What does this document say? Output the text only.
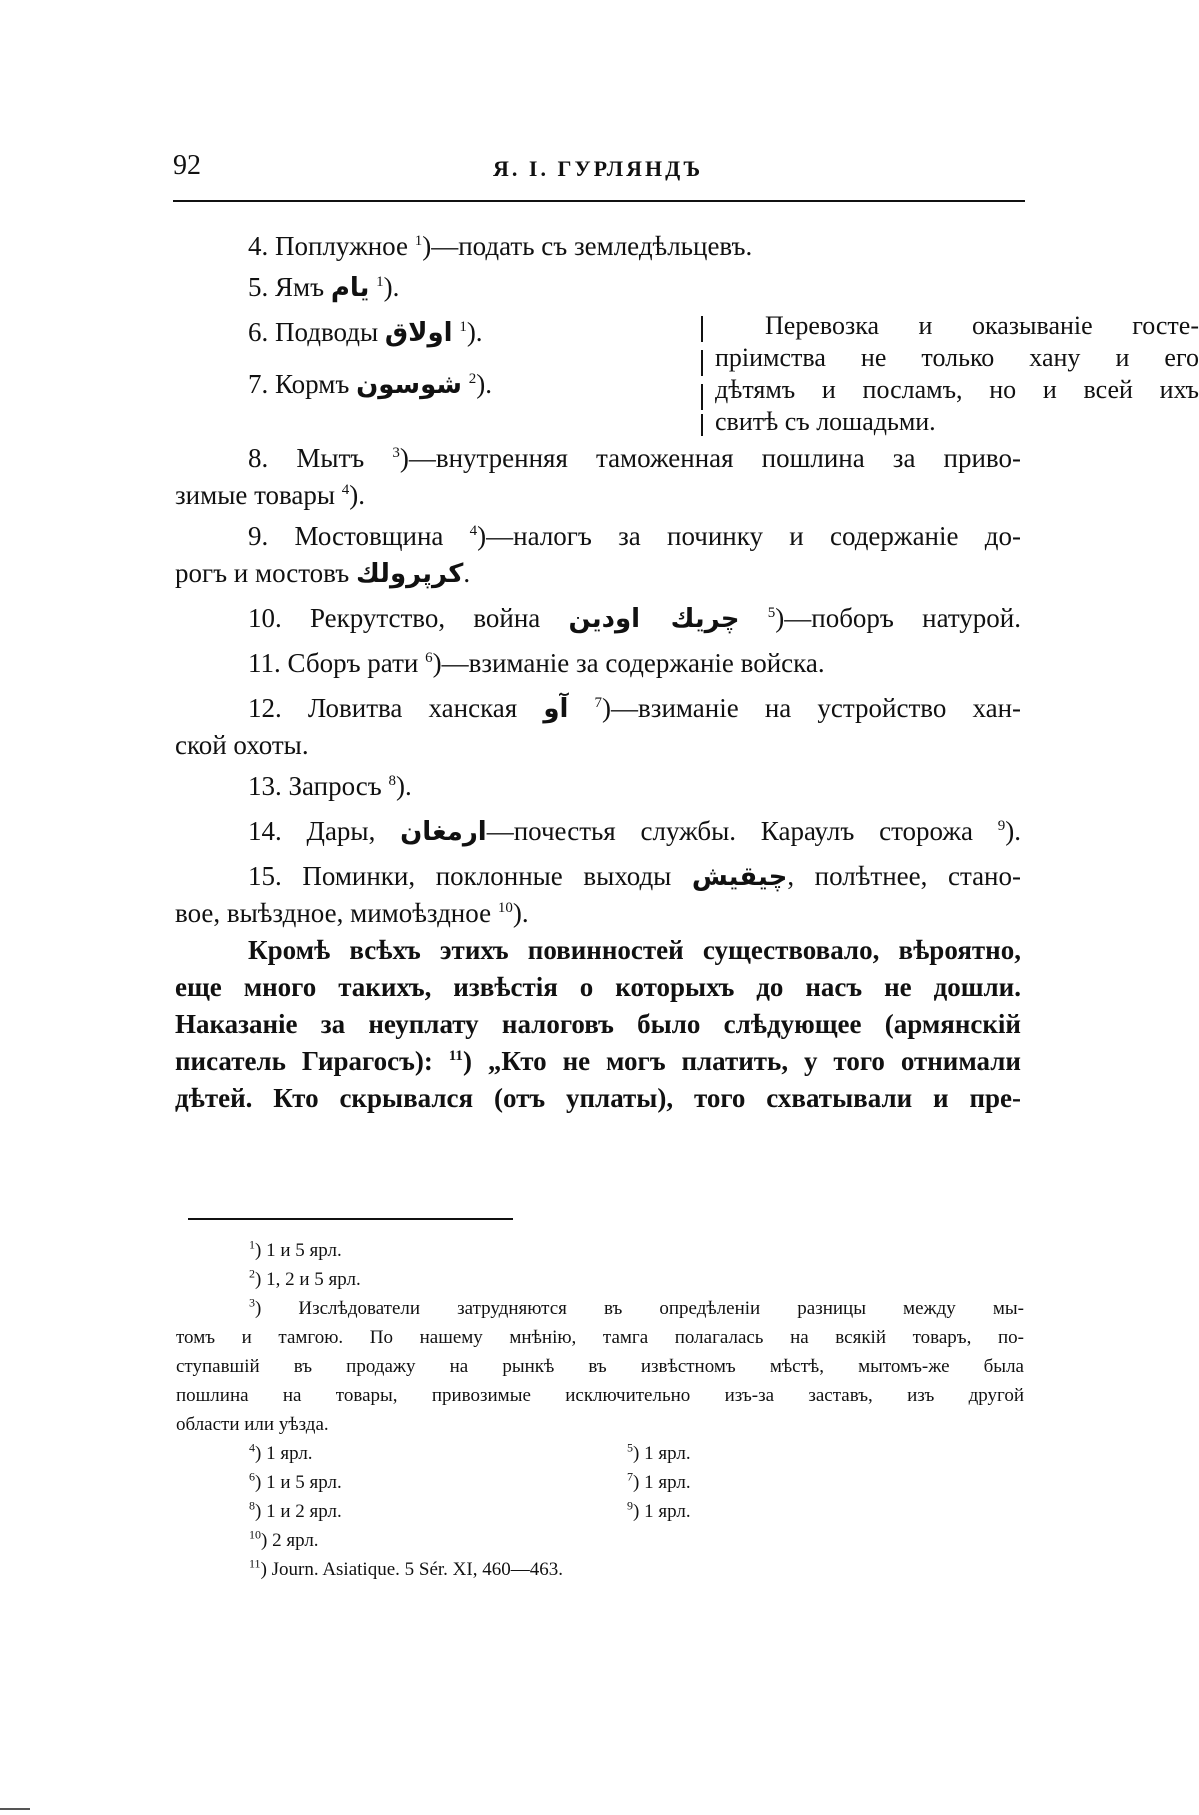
92	Я. І. ГУРЛЯНДЪ
4. Поплужное $^1$)—подать съ земледѣльцевъ.
5. Ямъ يام $^1$).
6. Подводы اولاق $^1$).
7. Кормъ شوسون $^2$).
Перевозка и оказываніе госте-
пріимства не только хану и его
дѣтямъ и посламъ, но и всей ихъ
свитѣ съ лошадьми.
8. Мытъ $^3$)—внутренняя таможенная пошлина за приво-
зимые товары $^4$).
9. Мостовщина $^4$)—налогъ за починку и содержаніе до-
рогъ и мостовъ كرپرولك.
10. Рекрутство, война چريك اودين $^5$)—поборъ натурой.
11. Сборъ рати $^6$)—взиманіе за содержаніе войска.
12. Ловитва ханская آو $^7$)—взиманіе на устройство хан-
ской охоты.
13. Запросъ $^8$).
14. Дары, ارمغان—почестья службы. Караулъ сторожа $^9$).
15. Поминки, поклонные выходы چيقيش, полѣтнее, стано-
вое, выѣздное, мимоѣздное $^{10}$).
Кромѣ всѣхъ этихъ повинностей существовало, вѣроятно,
еще много такихъ, извѣстія о которыхъ до насъ не дошли.
Наказаніе за неуплату налоговъ было слѣдующее (армянскій
писатель Гирагосъ): $^{11}$) „Кто не могъ платить, у того отнимали
дѣтей. Кто скрывался (отъ уплаты), того схватывали и пре-
$^1$) 1 и 5 ярл.
$^2$) 1, 2 и 5 ярл.
$^3$) Изслѣдователи затрудняются въ опредѣленіи разницы между мы-
томъ и тамгою. По нашему мнѣнію, тамга полагалась на всякій товаръ, по-
ступавшій въ продажу на рынкѣ въ извѣстномъ мѣстѣ, мытомъ-же была
пошлина на товары, привозимые исключительно изъ-за заставъ, изъ другой
области или уѣзда.
$^4$) 1 ярл.	$^5$) 1 ярл.
$^6$) 1 и 5 ярл.	$^7$) 1 ярл.
$^8$) 1 и 2 ярл.	$^9$) 1 ярл.
$^{10}$) 2 ярл.
$^{11}$) Journ. Asiatique. 5 Sér. XI, 460—463.
